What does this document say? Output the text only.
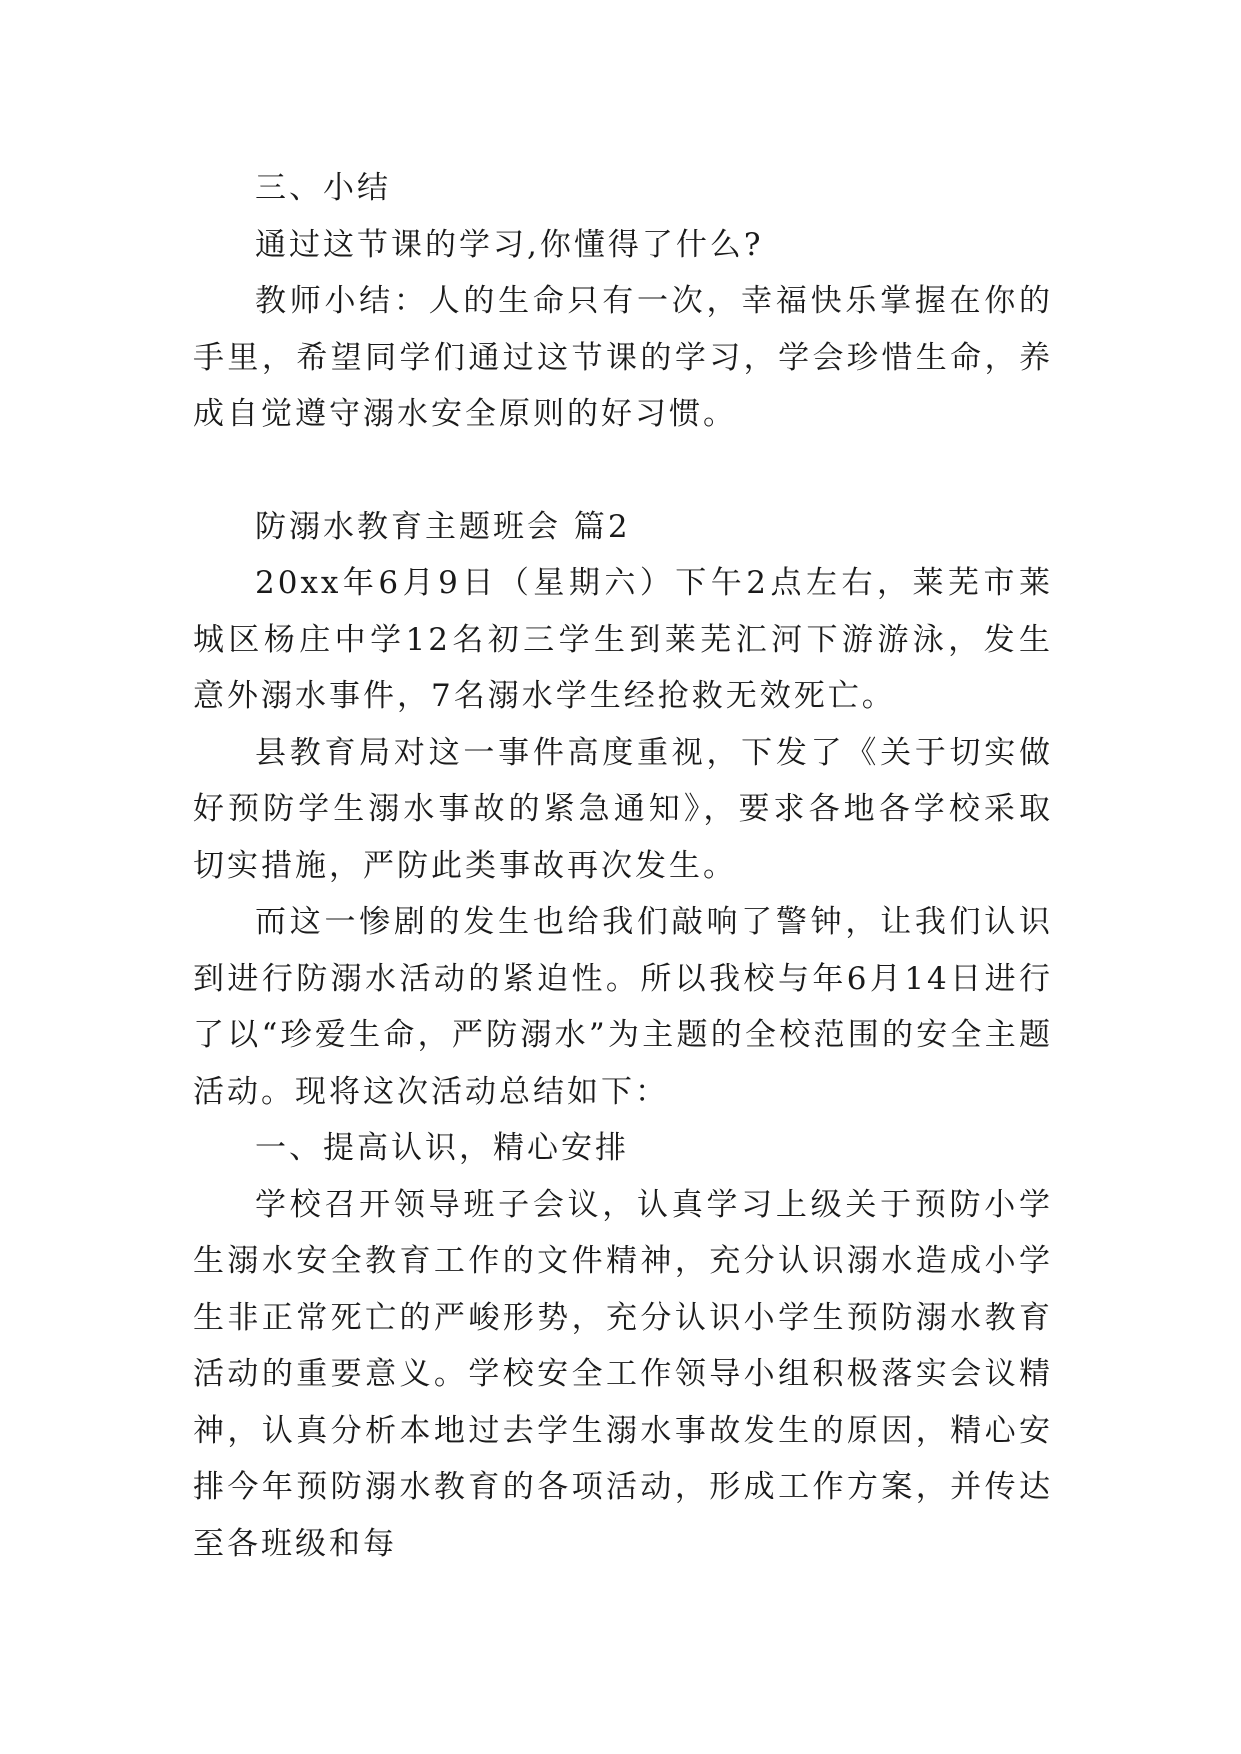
三、小结

通过这节课的学习,你懂得了什么?

教师小结：人的生命只有一次，幸福快乐掌握在你的手里，希望同学们通过这节课的学习，学会珍惜生命，养成自觉遵守溺水安全原则的好习惯。

防溺水教育主题班会 篇2

20xx年6月9日（星期六）下午2点左右，莱芜市莱城区杨庄中学12名初三学生到莱芜汇河下游游泳，发生意外溺水事件，7名溺水学生经抢救无效死亡。

县教育局对这一事件高度重视，下发了《关于切实做好预防学生溺水事故的紧急通知》，要求各地各学校采取切实措施，严防此类事故再次发生。

而这一惨剧的发生也给我们敲响了警钟，让我们认识到进行防溺水活动的紧迫性。所以我校与年6月14日进行了以“珍爱生命，严防溺水”为主题的全校范围的安全主题活动。现将这次活动总结如下：

一、提高认识，精心安排

学校召开领导班子会议，认真学习上级关于预防小学生溺水安全教育工作的文件精神，充分认识溺水造成小学生非正常死亡的严峻形势，充分认识小学生预防溺水教育活动的重要意义。学校安全工作领导小组积极落实会议精神，认真分析本地过去学生溺水事故发生的原因，精心安排今年预防溺水教育的各项活动，形成工作方案，并传达至各班级和每
